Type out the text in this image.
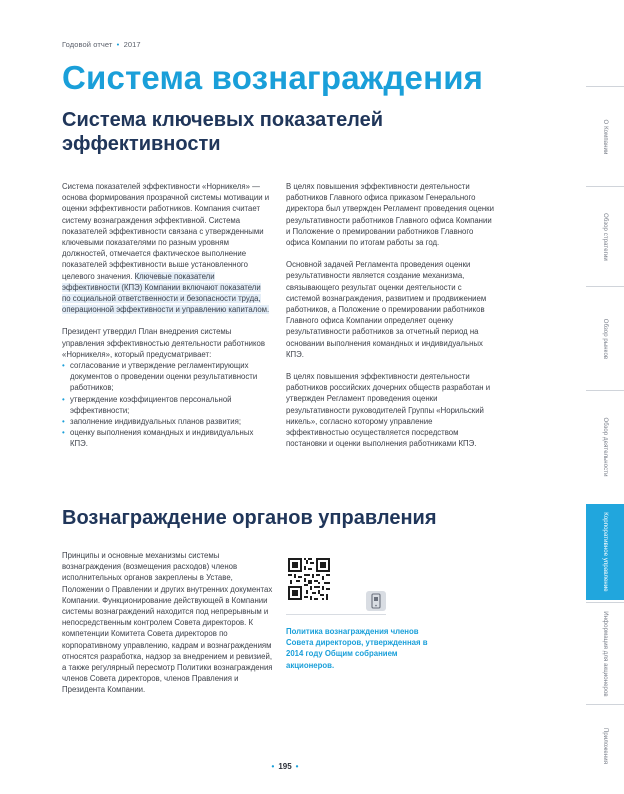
Годовой отчет • 2017
Система вознаграждения
Система ключевых показателей эффективности

Система показателей эффективности «Норникеля» — основа формирования прозрачной системы мотивации и оценки эффективности работников. Компания считает систему вознаграждения эффективной. Система показателей эффективности связана с утвержденными ключевыми показателями по разным уровням должностей, отмечается фактическое выполнение показателей эффективности выше установленного целевого значения. Ключевые показатели эффективности (КПЭ) Компании включают показатели по социальной ответственности и безопасности труда, операционной эффективности и управлению капиталом.

Президент утвердил План внедрения системы управления эффективностью деятельности работников «Норникеля», который предусматривает:

• согласование и утверждение регламентирующих документов о проведении оценки результативности работников;
• утверждение коэффициентов персональной эффективности;
• заполнение индивидуальных планов развития;
• оценку выполнения командных и индивидуальных КПЭ.

В целях повышения эффективности деятельности работников Главного офиса приказом Генерального директора был утвержден Регламент проведения оценки результативности работников Главного офиса Компании и Положение о премировании работников Главного офиса Компании по итогам работы за год.

Основной задачей Регламента проведения оценки результативности является создание механизма, связывающего результат оценки деятельности с системой вознаграждения, развитием и продвижением работников, а Положение о премировании работников Главного офиса Компании определяет оценку результативности работников за отчетный период на основании выполнения командных и индивидуальных КПЭ.

В целях повышения эффективности деятельности работников российских дочерних обществ разработан и утвержден Регламент проведения оценки результативности руководителей Группы «Норильский никель», согласно которому управление эффективностью осуществляется посредством постановки и оценки выполнения работниками КПЭ.

Вознаграждение органов управления

Принципы и основные механизмы системы вознаграждения (возмещения расходов) членов исполнительных органов закреплены в Уставе, Положении о Правлении и других внутренних документах Компании. Функционирование действующей в Компании системы вознаграждений находится под непрерывным и непосредственным контролем Совета директоров. К компетенции Комитета Совета директоров по корпоративному управлению, кадрам и вознаграждениям относятся разработка, надзор за внедрением и ревизией, а также регулярный пересмотр Политики вознаграждения членов Совета директоров, членов Правления и Президента Компании.

Политика вознаграждения членов Совета директоров, утвержденная в 2014 году Общим собранием акционеров.
• 195 •
О Компании
Обзор стратегии
Обзор рынков
Обзор деятельности
Корпоративное управление
Информация для акционеров
Приложения
